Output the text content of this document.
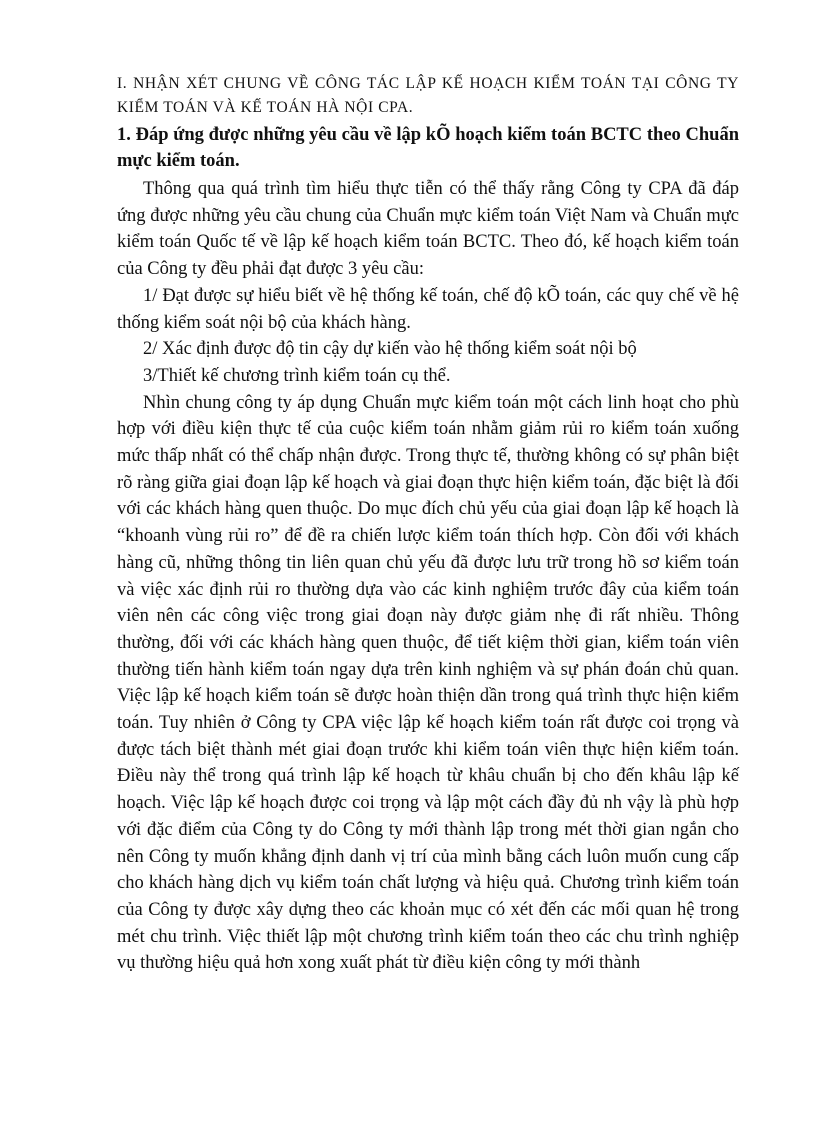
I. NHẬN XÉT CHUNG VỀ CÔNG TÁC LẬP KẾ HOẠCH KIỂM TOÁN TẠI CÔNG TY KIỂM TOÁN VÀ KẾ TOÁN HÀ NỘI CPA.

1. Đáp ứng được những yêu cầu về lập kÕ hoạch kiểm toán BCTC theo Chuẩn mực kiểm toán.

Thông qua quá trình tìm hiểu thực tiễn có thể thấy rằng Công ty CPA đã đáp ứng được những yêu cầu chung của Chuẩn mực kiểm toán Việt Nam và Chuẩn mực kiểm toán Quốc tế về lập kế hoạch kiểm toán BCTC. Theo đó, kế hoạch kiểm toán của Công ty đều phải đạt được 3 yêu cầu:

1/ Đạt được sự hiểu biết về hệ thống kế toán, chế độ kÕ toán, các quy chế về hệ thống kiểm soát nội bộ của khách hàng.

2/ Xác định được độ tin cậy dự kiến vào hệ thống kiểm soát nội bộ

3/Thiết kế chương trình kiểm toán cụ thể.

Nhìn chung công ty áp dụng Chuẩn mực kiểm toán một cách linh hoạt cho phù hợp với điều kiện thực tế của cuộc kiểm toán nhằm giảm rủi ro kiểm toán xuống mức thấp nhất có thể chấp nhận được. Trong thực tế, thường không có sự phân biệt rõ ràng giữa giai đoạn lập kế hoạch và giai đoạn thực hiện kiểm toán, đặc biệt là đối với các khách hàng quen thuộc. Do mục đích chủ yếu của giai đoạn lập kế hoạch là “khoanh vùng rủi ro” để đề ra chiến lược kiểm toán thích hợp. Còn đối với khách hàng cũ, những thông tin liên quan chủ yếu đã được lưu trữ trong hồ sơ kiểm toán và việc xác định rủi ro thường dựa vào các kinh nghiệm trước đây của kiểm toán viên nên các công việc trong giai đoạn này được giảm nhẹ đi rất nhiều. Thông thường, đối với các khách hàng quen thuộc, để tiết kiệm thời gian, kiểm toán viên thường tiến hành kiểm toán ngay dựa trên kinh nghiệm và sự phán đoán chủ quan. Việc lập kế hoạch kiểm toán sẽ được hoàn thiện dần trong quá trình thực hiện kiểm toán. Tuy nhiên ở Công ty CPA việc lập kế hoạch kiểm toán rất được coi trọng và được tách biệt thành mét giai đoạn trước khi kiểm toán viên thực hiện kiểm toán. Điều này thể trong quá trình lập kế hoạch từ khâu chuẩn bị cho đến khâu lập kế hoạch. Việc lập kế hoạch được coi trọng và lập một cách đầy đủ nh vậy là phù hợp với đặc điểm của Công ty do Công ty mới thành lập trong mét thời gian ngắn cho nên Công ty muốn khẳng định danh vị trí của mình bằng cách luôn muốn cung cấp cho khách hàng dịch vụ kiểm toán chất lượng và hiệu quả. Chương trình kiểm toán của Công ty được xây dựng theo các khoản mục có xét đến các mối quan hệ trong mét chu trình. Việc thiết lập một chương trình kiểm toán theo các chu trình nghiệp vụ thường hiệu quả hơn xong xuất phát từ điều kiện công ty mới thành
